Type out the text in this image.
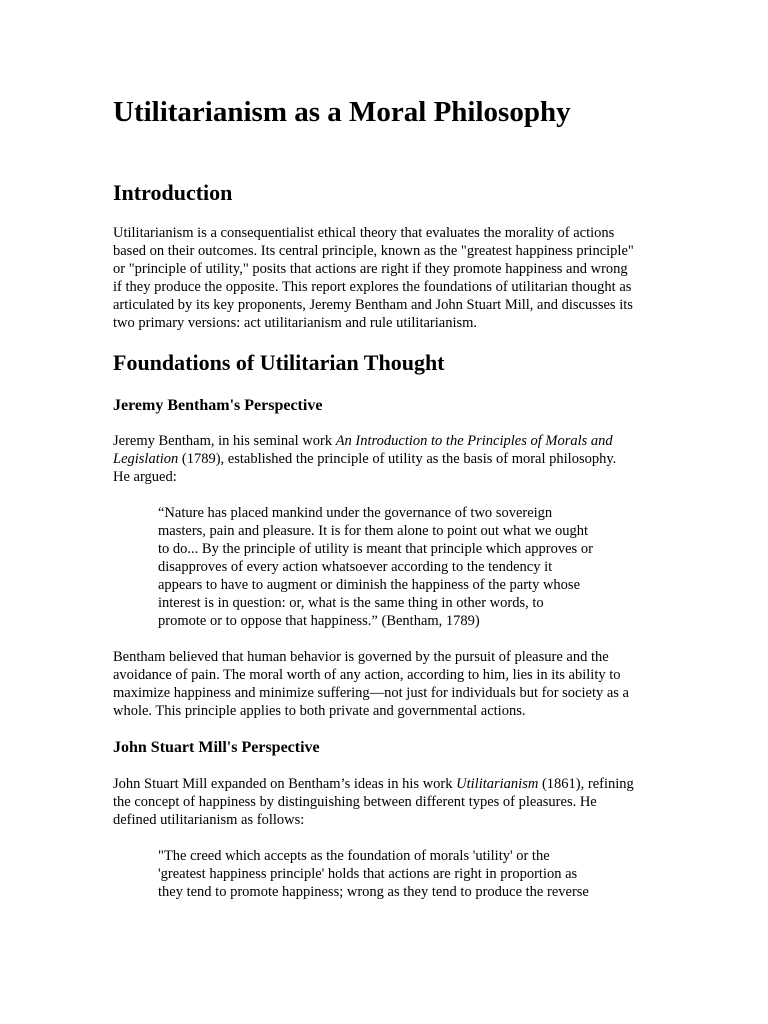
Utilitarianism as a Moral Philosophy
Introduction

Utilitarianism is a consequentialist ethical theory that evaluates the morality of actions
based on their outcomes. Its central principle, known as the "greatest happiness principle"
or "principle of utility," posits that actions are right if they promote happiness and wrong
if they produce the opposite. This report explores the foundations of utilitarian thought as
articulated by its key proponents, Jeremy Bentham and John Stuart Mill, and discusses its
two primary versions: act utilitarianism and rule utilitarianism.

Foundations of Utilitarian Thought
Jeremy Bentham's Perspective

Jeremy Bentham, in his seminal work An Introduction to the Principles of Morals and
Legislation (1789), established the principle of utility as the basis of moral philosophy.
He argued:

“Nature has placed mankind under the governance of two sovereign
masters, pain and pleasure. It is for them alone to point out what we ought
to do... By the principle of utility is meant that principle which approves or
disapproves of every action whatsoever according to the tendency it
appears to have to augment or diminish the happiness of the party whose
interest is in question: or, what is the same thing in other words, to
promote or to oppose that happiness.” (Bentham, 1789)

Bentham believed that human behavior is governed by the pursuit of pleasure and the
avoidance of pain. The moral worth of any action, according to him, lies in its ability to
maximize happiness and minimize suffering—not just for individuals but for society as a
whole. This principle applies to both private and governmental actions.

John Stuart Mill's Perspective

John Stuart Mill expanded on Bentham’s ideas in his work Utilitarianism (1861), refining
the concept of happiness by distinguishing between different types of pleasures. He
defined utilitarianism as follows:

"The creed which accepts as the foundation of morals 'utility' or the
'greatest happiness principle' holds that actions are right in proportion as
they tend to promote happiness; wrong as they tend to produce the reverse
